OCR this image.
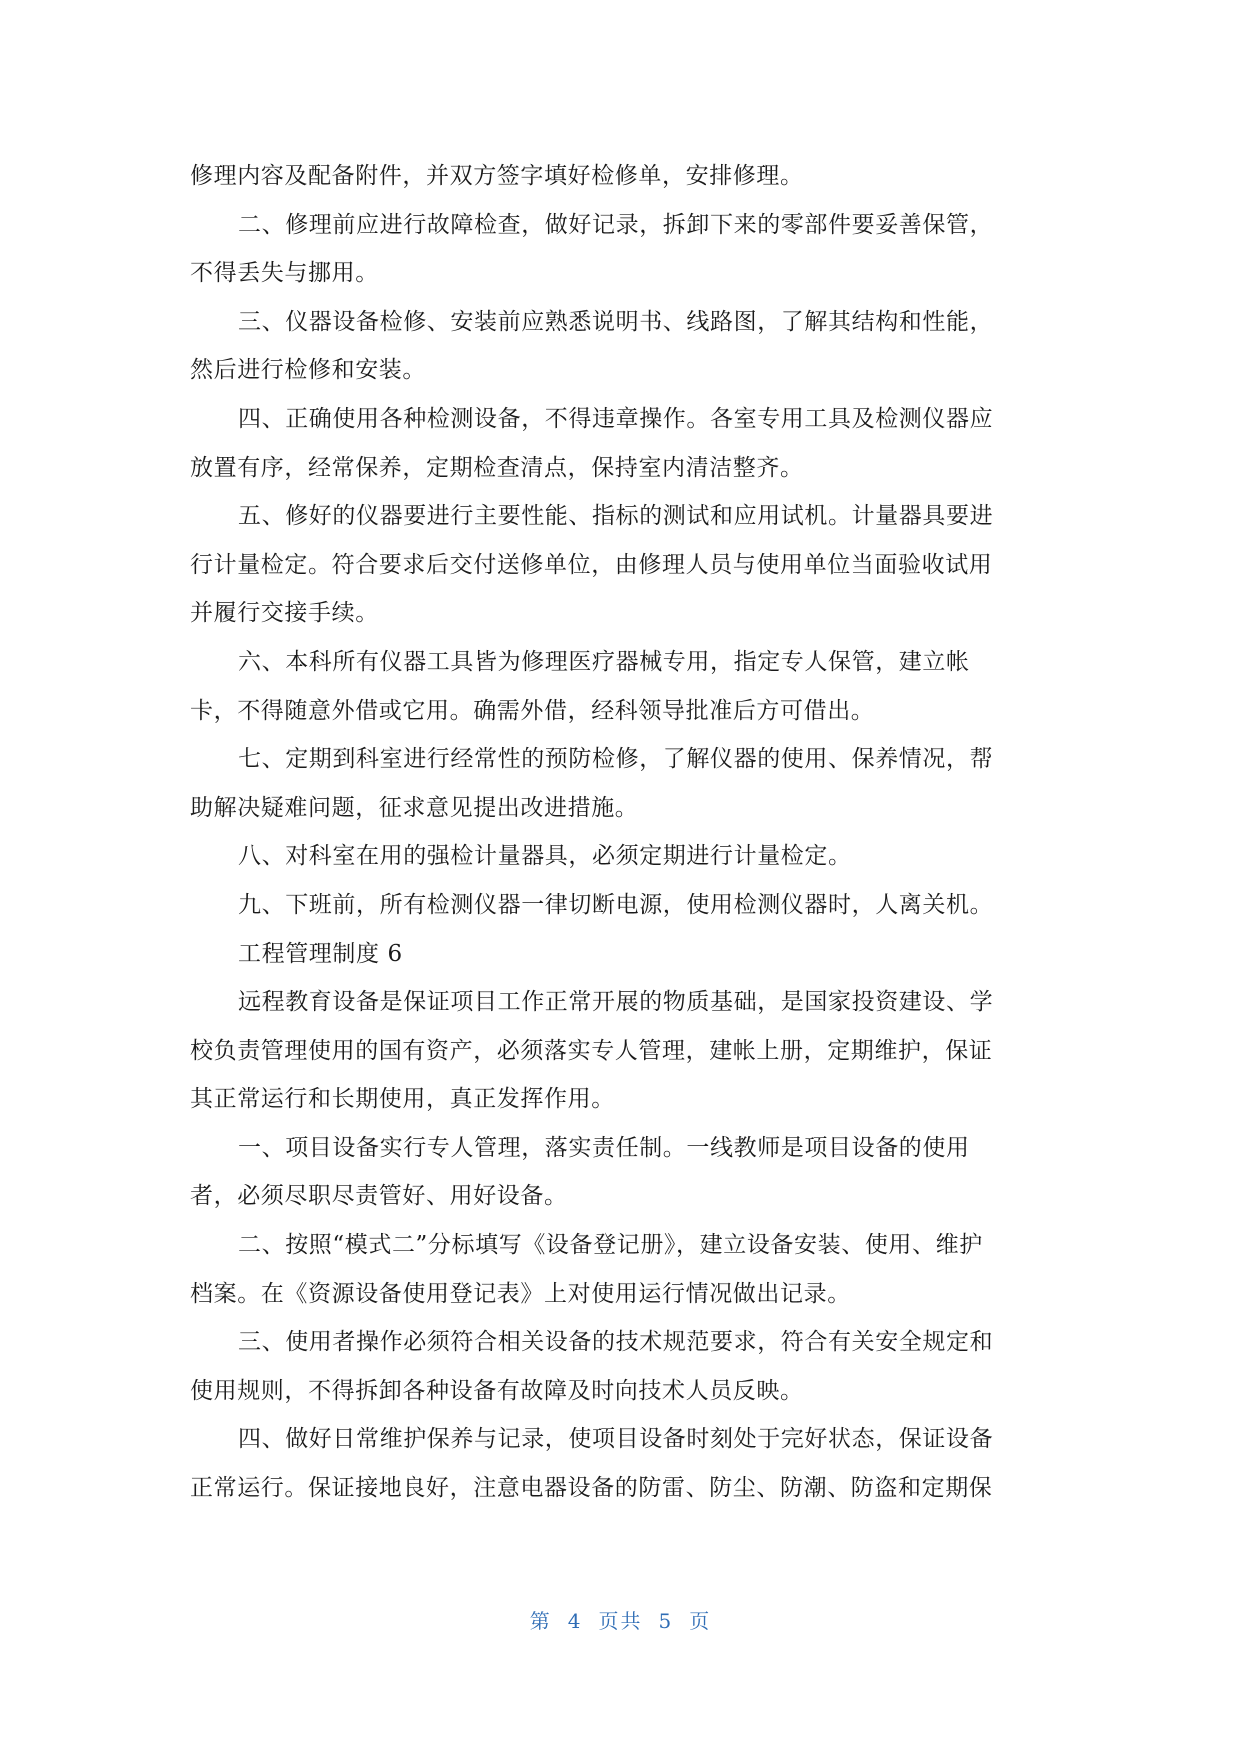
修理内容及配备附件，并双方签字填好检修单，安排修理。
二、修理前应进行故障检查，做好记录，拆卸下来的零部件要妥善保管，
不得丢失与挪用。
三、仪器设备检修、安装前应熟悉说明书、线路图，了解其结构和性能，
然后进行检修和安装。
四、正确使用各种检测设备，不得违章操作。各室专用工具及检测仪器应
放置有序，经常保养，定期检查清点，保持室内清洁整齐。
五、修好的仪器要进行主要性能、指标的测试和应用试机。计量器具要进
行计量检定。符合要求后交付送修单位，由修理人员与使用单位当面验收试用
并履行交接手续。
六、本科所有仪器工具皆为修理医疗器械专用，指定专人保管，建立帐
卡，不得随意外借或它用。确需外借，经科领导批准后方可借出。
七、定期到科室进行经常性的预防检修，了解仪器的使用、保养情况，帮
助解决疑难问题，征求意见提出改进措施。
八、对科室在用的强检计量器具，必须定期进行计量检定。
九、下班前，所有检测仪器一律切断电源，使用检测仪器时，人离关机。
工程管理制度 6
远程教育设备是保证项目工作正常开展的物质基础，是国家投资建设、学
校负责管理使用的国有资产，必须落实专人管理，建帐上册，定期维护，保证
其正常运行和长期使用，真正发挥作用。
一、项目设备实行专人管理，落实责任制。一线教师是项目设备的使用
者，必须尽职尽责管好、用好设备。
二、按照“模式二”分标填写《设备登记册》，建立设备安装、使用、维护
档案。在《资源设备使用登记表》上对使用运行情况做出记录。
三、使用者操作必须符合相关设备的技术规范要求，符合有关安全规定和
使用规则，不得拆卸各种设备有故障及时向技术人员反映。
四、做好日常维护保养与记录，使项目设备时刻处于完好状态，保证设备
正常运行。保证接地良好，注意电器设备的防雷、防尘、防潮、防盗和定期保
第 4 页共 5 页
